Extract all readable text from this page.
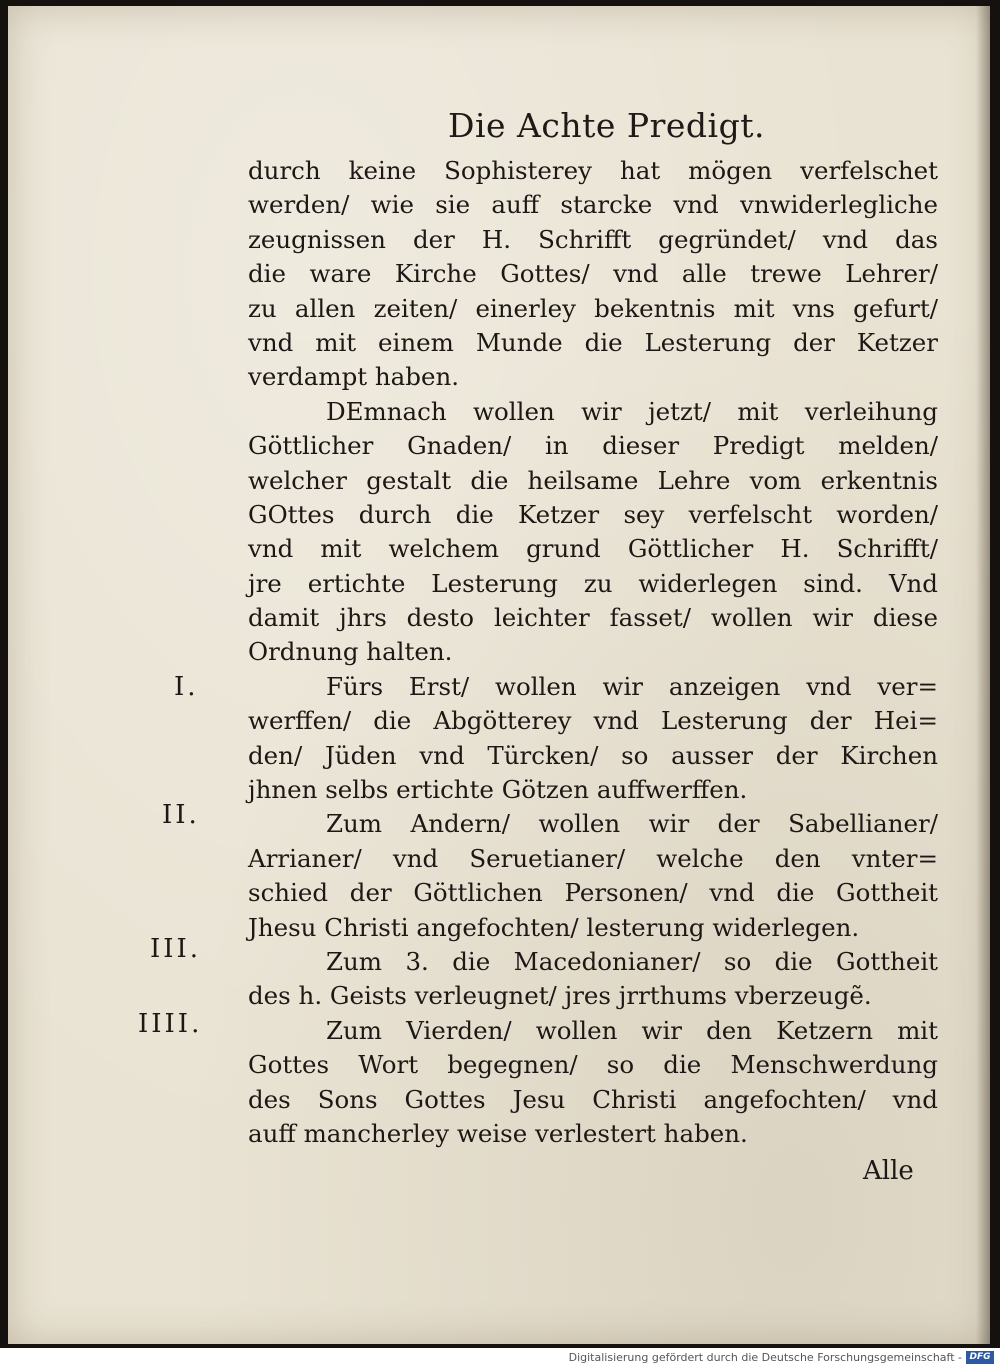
Die Achte Predigt.
durch keine Sophisterey hat mögen verfelschet
werden/ wie sie auff starcke vnd vnwiderlegliche
zeugnissen der H. Schrifft gegründet/ vnd das
die ware Kirche Gottes/ vnd alle trewe Lehrer/
zu allen zeiten/ einerley bekentnis mit vns gefurt/
vnd mit einem Munde die Lesterung der Ketzer
verdampt haben.
DEmnach wollen wir jetzt/ mit verleihung
Göttlicher Gnaden/ in dieser Predigt melden/
welcher gestalt die heilsame Lehre vom erkentnis
GOttes durch die Ketzer sey verfelscht worden/
vnd mit welchem grund Göttlicher H. Schrifft/
jre ertichte Lesterung zu widerlegen sind. Vnd
damit jhrs desto leichter fasset/ wollen wir diese
Ordnung halten.
Fürs Erst/ wollen wir anzeigen vnd ver=
werffen/ die Abgötterey vnd Lesterung der Hei=
den/ Jüden vnd Türcken/ so ausser der Kirchen
jhnen selbs ertichte Götzen auffwerffen.
Zum Andern/ wollen wir der Sabellianer/
Arrianer/ vnd Seruetianer/ welche den vnter=
schied der Göttlichen Personen/ vnd die Gottheit
Jhesu Christi angefochten/ lesterung widerlegen.
Zum 3. die Macedonianer/ so die Gottheit
des h. Geists verleugnet/ jres jrrthums vberzeugẽ.
Zum Vierden/ wollen wir den Ketzern mit
Gottes Wort begegnen/ so die Menschwerdung
des Sons Gottes Jesu Christi angefochten/ vnd
auff mancherley weise verlestert haben.
I.
II.
III.
IIII.
Alle
Digitalisierung gefördert durch die Deutsche Forschungsgemeinschaft - DFG
